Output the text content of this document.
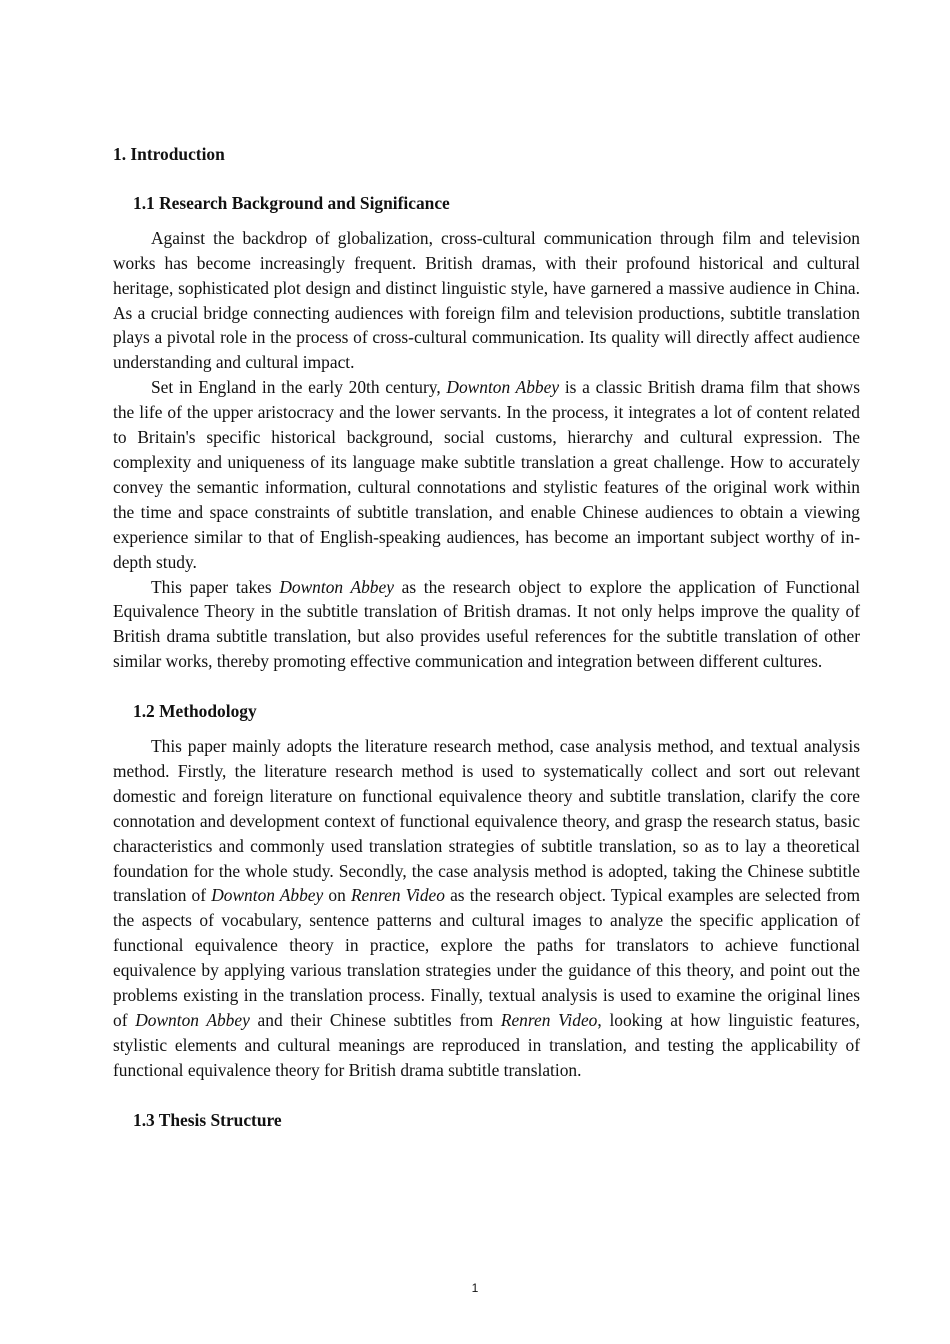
1. Introduction
1.1 Research Background and Significance

Against the backdrop of globalization, cross-cultural communication through film and television works has become increasingly frequent. British dramas, with their profound historical and cultural heritage, sophisticated plot design and distinct linguistic style, have garnered a massive audience in China. As a crucial bridge connecting audiences with foreign film and television productions, subtitle translation plays a pivotal role in the process of cross-cultural communication. Its quality will directly affect audience understanding and cultural impact.

Set in England in the early 20th century, Downton Abbey is a classic British drama film that shows the life of the upper aristocracy and the lower servants. In the process, it integrates a lot of content related to Britain's specific historical background, social customs, hierarchy and cultural expression. The complexity and uniqueness of its language make subtitle translation a great challenge. How to accurately convey the semantic information, cultural connotations and stylistic features of the original work within the time and space constraints of subtitle translation, and enable Chinese audiences to obtain a viewing experience similar to that of English-speaking audiences, has become an important subject worthy of in-depth study.

This paper takes Downton Abbey as the research object to explore the application of Functional Equivalence Theory in the subtitle translation of British dramas. It not only helps improve the quality of British drama subtitle translation, but also provides useful references for the subtitle translation of other similar works, thereby promoting effective communication and integration between different cultures.

1.2 Methodology

This paper mainly adopts the literature research method, case analysis method, and textual analysis method. Firstly, the literature research method is used to systematically collect and sort out relevant domestic and foreign literature on functional equivalence theory and subtitle translation, clarify the core connotation and development context of functional equivalence theory, and grasp the research status, basic characteristics and commonly used translation strategies of subtitle translation, so as to lay a theoretical foundation for the whole study. Secondly, the case analysis method is adopted, taking the Chinese subtitle translation of Downton Abbey on Renren Video as the research object. Typical examples are selected from the aspects of vocabulary, sentence patterns and cultural images to analyze the specific application of functional equivalence theory in practice, explore the paths for translators to achieve functional equivalence by applying various translation strategies under the guidance of this theory, and point out the problems existing in the translation process. Finally, textual analysis is used to examine the original lines of Downton Abbey and their Chinese subtitles from Renren Video, looking at how linguistic features, stylistic elements and cultural meanings are reproduced in translation, and testing the applicability of functional equivalence theory for British drama subtitle translation.

1.3 Thesis Structure
1
